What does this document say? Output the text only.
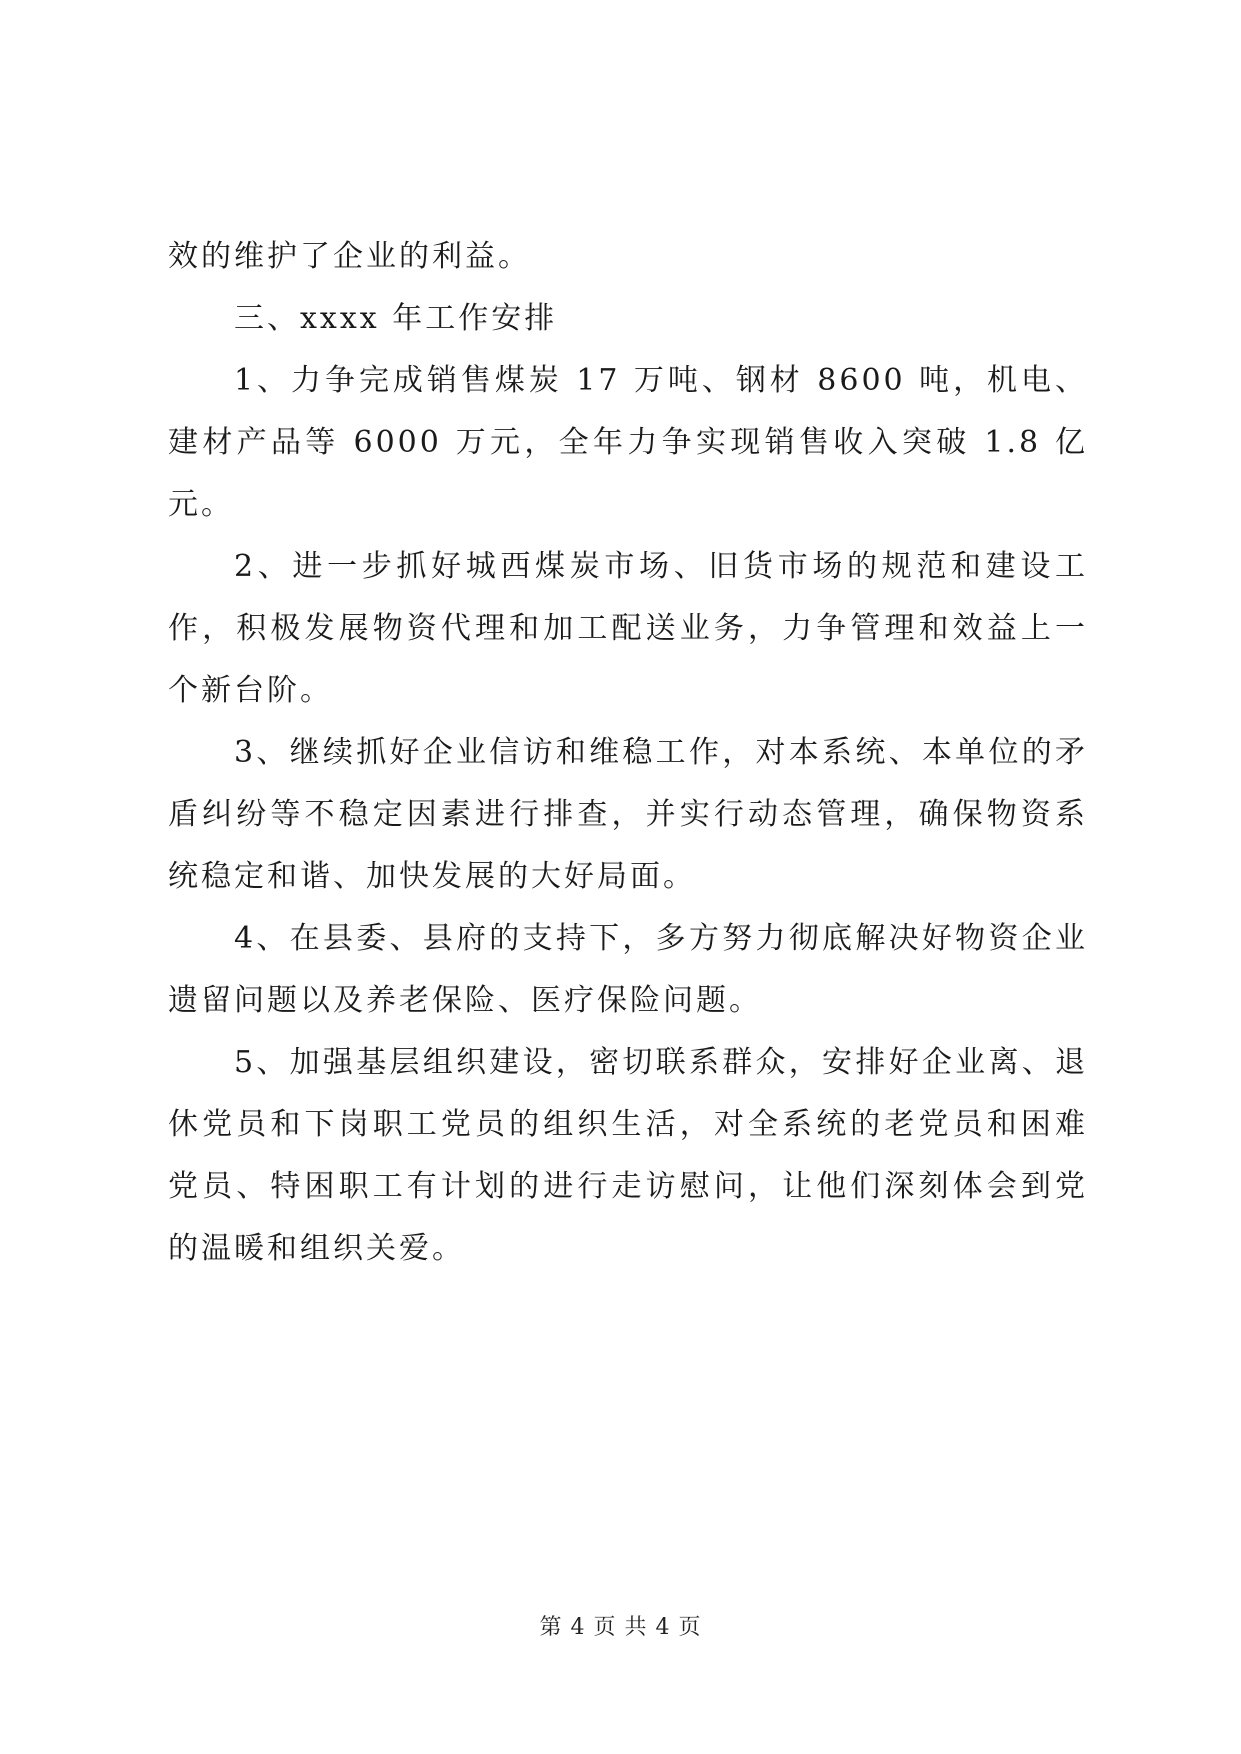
效的维护了企业的利益。

三、xxxx 年工作安排

1、力争完成销售煤炭 17 万吨、钢材 8600 吨，机电、建材产品等 6000 万元，全年力争实现销售收入突破 1.8 亿元。

2、进一步抓好城西煤炭市场、旧货市场的规范和建设工作，积极发展物资代理和加工配送业务，力争管理和效益上一个新台阶。

3、继续抓好企业信访和维稳工作，对本系统、本单位的矛盾纠纷等不稳定因素进行排查，并实行动态管理，确保物资系统稳定和谐、加快发展的大好局面。

4、在县委、县府的支持下，多方努力彻底解决好物资企业遗留问题以及养老保险、医疗保险问题。

5、加强基层组织建设，密切联系群众，安排好企业离、退休党员和下岗职工党员的组织生活，对全系统的老党员和困难党员、特困职工有计划的进行走访慰问，让他们深刻体会到党的温暖和组织关爱。

第 4 页 共 4 页
